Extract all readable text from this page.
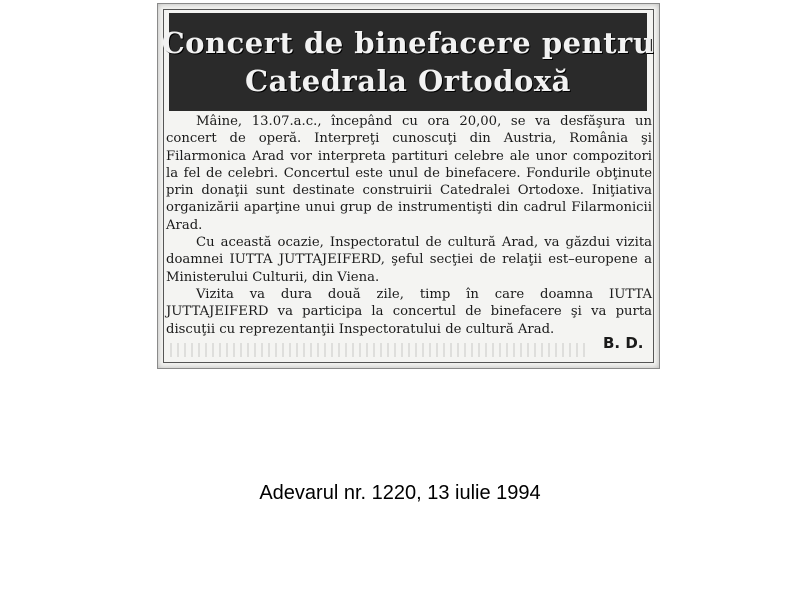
Concert de binefacere pentru
Catedrala Ortodoxă

Mâine, 13.07.a.c., începând cu ora 20,00, se va desfăşura un concert de operă. Interpreţi cunoscuţi din Austria, România şi Filarmonica Arad vor interpreta partituri celebre ale unor compozitori la fel de celebri. Concertul este unul de binefacere. Fondurile obţinute prin donaţii sunt destinate construirii Catedralei Ortodoxe. Iniţiativa organizării aparţine unui grup de instrumentişti din cadrul Filarmonicii Arad.

Cu această ocazie, Inspectoratul de cultură Arad, va găzdui vizita doamnei IUTTA JUTTAJEIFERD, şeful secţiei de relaţii est–europene a Ministerului Culturii, din Viena.

Vizita va dura două zile, timp în care doamna IUTTA JUTTAJEIFERD va participa la concertul de binefacere şi va purta discuţii cu reprezentanţii Inspectoratului de cultură Arad.

B. D.
Adevarul nr. 1220, 13 iulie 1994
